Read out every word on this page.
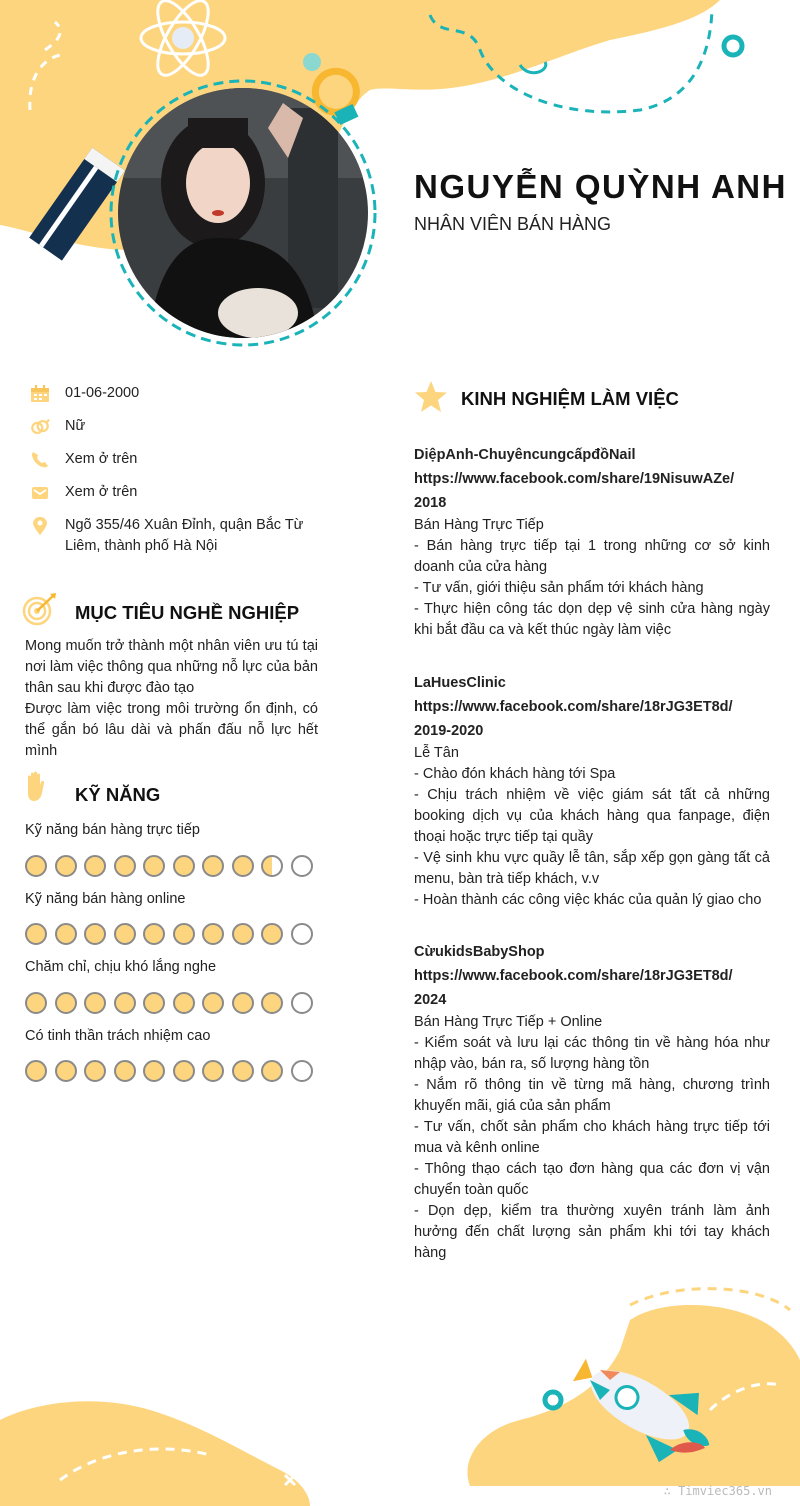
NGUYỄN QUỲNH ANH
NHÂN VIÊN BÁN HÀNG
01-06-2000
Nữ
Xem ở trên
Xem ở trên
Ngõ 355/46 Xuân Đỉnh, quận Bắc Từ Liêm, thành phố Hà Nội
MỤC TIÊU NGHỀ NGHIỆP
Mong muốn trở thành một nhân viên ưu tú tại nơi làm việc thông qua những nỗ lực của bản thân sau khi được đào tạo
Được làm việc trong môi trường ổn định, có thể gắn bó lâu dài và phấn đấu nỗ lực hết mình
KỸ NĂNG
Kỹ năng bán hàng trực tiếp
Kỹ năng bán hàng online
Chăm chỉ, chịu khó lắng nghe
Có tinh thần trách nhiệm cao
KINH NGHIỆM LÀM VIỆC
DiệpAnh-ChuyêncungcấpđồNail
https://www.facebook.com/share/19NisuwAZe/
2018
Bán Hàng Trực Tiếp
- Bán hàng trực tiếp tại 1 trong những cơ sở kinh doanh của cửa hàng
- Tư vấn, giới thiệu sản phẩm tới khách hàng
- Thực hiện công tác dọn dẹp vệ sinh cửa hàng ngày khi bắt đầu ca và kết thúc ngày làm việc
LaHuesClinic
https://www.facebook.com/share/18rJG3ET8d/
2019-2020
Lễ Tân
- Chào đón khách hàng tới Spa
- Chịu trách nhiệm về việc giám sát tất cả những booking dịch vụ của khách hàng qua fanpage, điện thoại hoặc trực tiếp tại quầy
- Vệ sinh khu vực quầy lễ tân, sắp xếp gọn gàng tất cả menu, bàn trà tiếp khách, v.v
- Hoàn thành các công việc khác của quản lý giao cho
CừukidsBabyShop
https://www.facebook.com/share/18rJG3ET8d/
2024
Bán Hàng Trực Tiếp + Online
- Kiểm soát và lưu lại các thông tin về hàng hóa như nhập vào, bán ra, số lượng hàng tồn
- Nắm rõ thông tin về từng mã hàng, chương trình khuyến mãi, giá của sản phẩm
- Tư vấn, chốt sản phẩm cho khách hàng trực tiếp tới mua và kênh online
- Thông thạo cách tạo đơn hàng qua các đơn vị vận chuyển toàn quốc
- Dọn dẹp, kiểm tra thường xuyên tránh làm ảnh hưởng đến chất lượng sản phẩm khi tới tay khách hàng
∴ Timviec365.vn
